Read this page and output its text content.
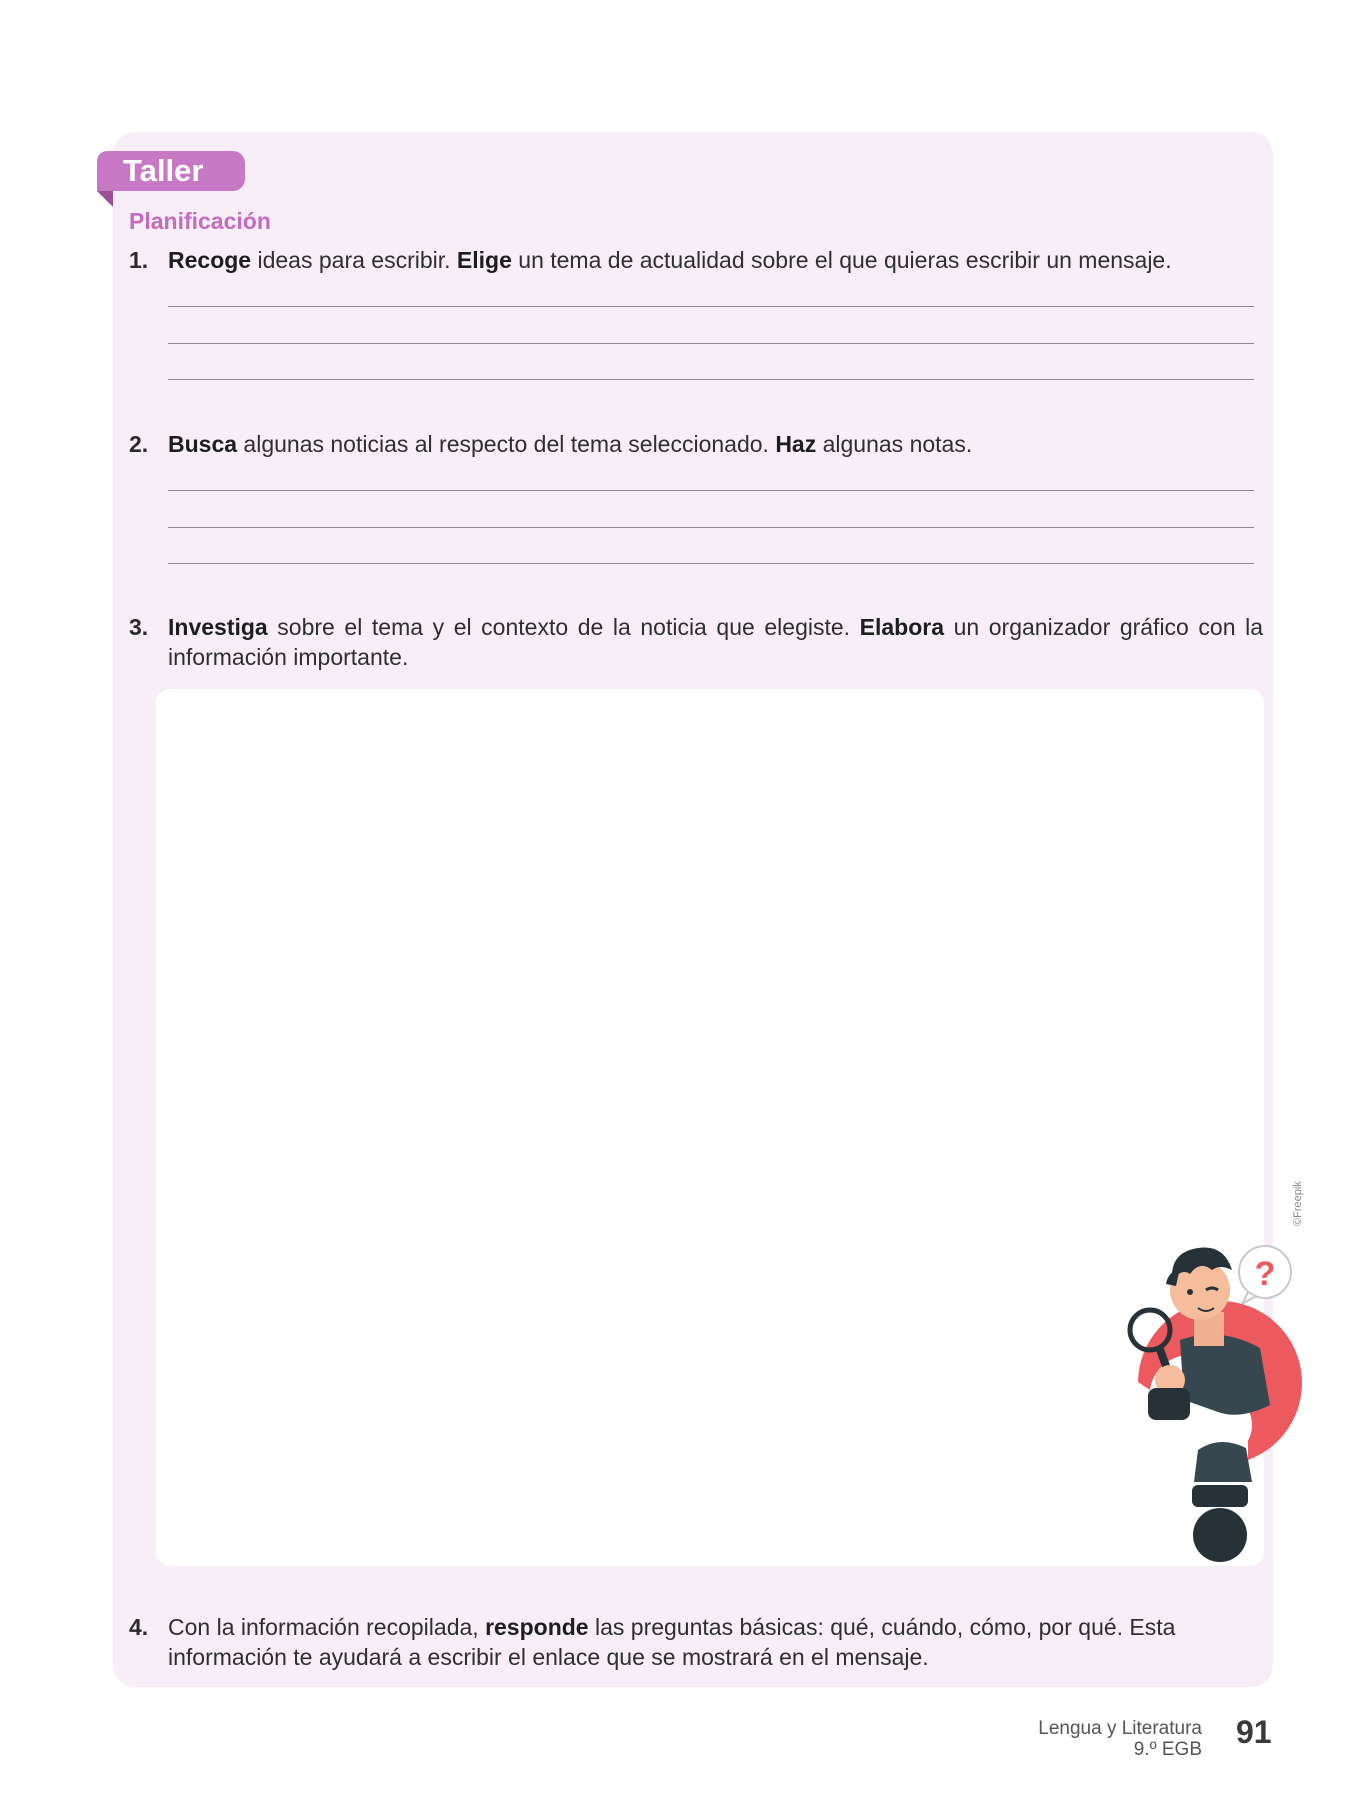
Taller
Planificación
1. Recoge ideas para escribir. Elige un tema de actualidad sobre el que quieras escribir un mensaje.
2. Busca algunas noticias al respecto del tema seleccionado. Haz algunas notas.
3. Investiga sobre el tema y el contexto de la noticia que elegiste. Elabora un organizador gráfico con la información importante.
©Freepik
?
4. Con la información recopilada, responde las preguntas básicas: qué, cuándo, cómo, por qué. Esta información te ayudará a escribir el enlace que se mostrará en el mensaje.
Lengua y Literatura
9.º EGB 91
